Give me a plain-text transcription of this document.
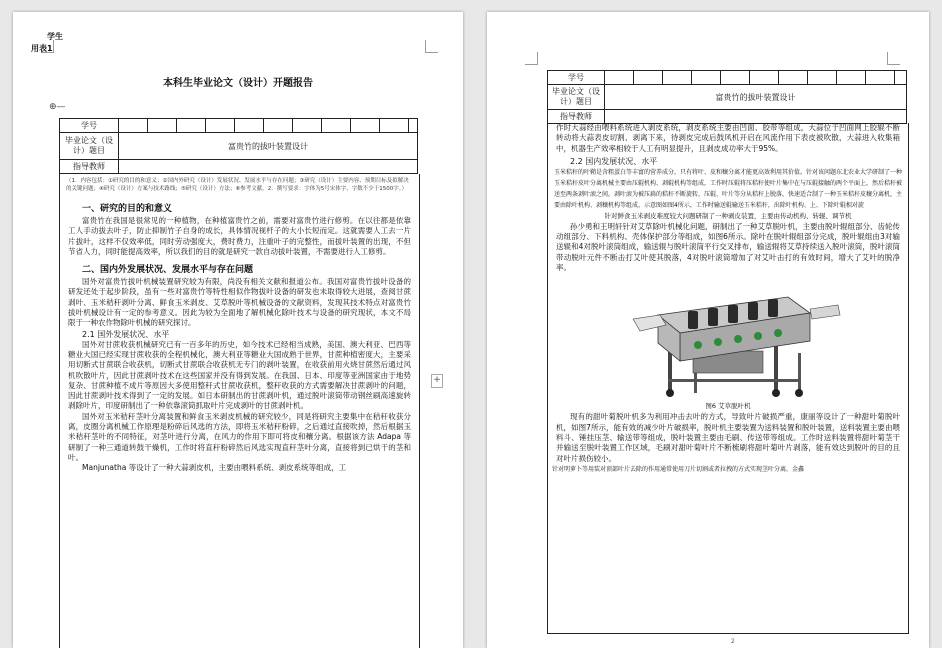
学生
用表1
本科生毕业论文（设计）开题报告
⊕—
学号											
毕业论文（设计）题目	富贵竹的拔叶装置设计										
指导教师											
（1．内容包括：①研究的目的和意义；②国内外研究（设计）发展状况、发展水平与存在问题；③研究（设计）主要内容、预期目标及拟解决的关键问题；④研究（设计）方案与技术路线；⑤研究（设计）方法；⑥参考文献。2．撰写要求：字体为5号宋体字，字数不少于1500字。）
一、研究的目的和意义

富贵竹在我国是很常见的一种植物，在种植富贵竹之前，需要对富贵竹进行修剪。在以往都是依靠工人手动拔去叶子，防止抑制竹子自身的成长，具体情况视杆子的大小长短而定。这就需要人工去一片片拔叶，这样不仅效率低，同时劳动强度大，费时费力，注重叶子的完整性，而拔叶装置的出现，不但节省人力，同时能提高效率，所以我们的目的就是研究一款自动拔叶装置，不需要进行人工修剪。

二、国内外发展状况、发展水平与存在问题

国外对富贵竹拔叶机械装置研究较为有限，尚没有相关文献和报道公布。我国对富贵竹拔叶设备的研发还处于起步阶段，虽有一些对富贵竹等特性相似作物拔叶设备的研发也未取得较大进展，查阅甘蔗剥叶、玉米秸秆剥叶分离、鲜食玉米剥皮、艾草脱叶等机械设备的文献资料，发现其技术特点对富贵竹拔叶机械设计有一定的参考意义。因此为较为全面地了解机械化除叶技术与设备的研究现状，本文不局限于一种农作物除叶机械的研究探讨。

2.1 国外发展状况、水平

国外对甘蔗收获机械研究已有一百多年的历史，如今技术已经相当成熟，美国、澳大利亚、巴西等糖业大国已经实现甘蔗收获的全程机械化，澳大利亚等糖业大国成熟于世界，甘蔗种植密度大，主要采用切断式甘蔗联合收获机，切断式甘蔗联合收获机无专门的剥叶装置，在收获前用火烧甘蔗然后通过风机吹散叶片，因此甘蔗剥叶技术在这些国家并没有得到发展。在我国、日本、印度等亚洲国家由于地势复杂、甘蔗种植不成片等原因大多使用整秆式甘蔗收获机，整秆收获的方式需要解决甘蔗剥叶的问题，因此甘蔗剥叶技术得到了一定的发展。如日本研制出的甘蔗剥叶机，通过脱叶滚筒带动钢丝刷高速旋转剥除叶片，印度研制出了一种依靠滚筒抓取叶片完成剥叶的甘蔗剥叶机。

国外对玉米秸秆茎叶分离装置和鲜食玉米剥皮机械的研究较少，同是将研究主要集中在秸秆收获分离，皮圈分离机械工作原理是粉碎后风选的方法，即将玉米秸秆粉碎，之后通过直接吹掉，然后根据玉米秸秆茎叶的不同特征，对茎叶进行分离，在风力的作用下即可将皮和穰分离。根据该方法 Adapa 等研制了一种三通道转鼓干燥机，工作时将直秆粉碎然后风选实现直秆茎叶分离，直接将到已烘干的茎和叶。

Manjunatha 等设计了一种大蒜剥皮机，主要由喂料系统、剥皮系统等组成，工

+
学号											
毕业论文（设计）题目	富贵竹的拔叶装置设计										
指导教师											

作时大蒜经由喂料系统进入剥皮系统，剥皮系统主要由凹面、胶带等组成，大蒜位于凹面网上胶辊不断转动将大蒜表皮切割、剥离下来，待剥皮完成后鼓风机开启在风流作用下表皮被吹散，大蒜进入收集箱中，机器生产效率相较于人工有明显提升，且剥皮成功率大于95%。

2.2 国内发展状况、水平

玉米秸秆的叶鞘是含粗蛋白等丰富的营养成分，只有将叶、皮和穰分离才能更高效利用其价值。针对该问题东北农业大学研制了一种玉米秸秆皮叶分离机械主要由压辊机构、剥辊机构等组成，工作时压辊将压秸秆使叶片集中在与压辊接触的两个平面上，然后秸秆被送至两条剥叶滚之间，剥叶滚为被压扁的秸秆不断旋转，压辊、叶片等分从秸秆上脱落，快速适合制了一种玉米秸秆皮穰分离机，主要由除叶机构、剥穰机构等组成，示意图如图4所示，工作时输送辊输送玉米秸秆，出除叶机构、上、下除叶辊相对旋

针对鲜食玉米剥皮难度较大问题研制了一种剥皮装置，主要由传动机构、转辊、调节机

孙少勇和王明轩针对艾草除叶机械化问题，研制出了一种艾草脱叶机，主要由脱叶辊组部分、齿轮传动组部分、下料机构、壳体保护部分等组成，如图6所示。除叶在脱叶辊组部分完成，脱叶辊组由3对输送辊和4对脱叶滚筒组成，输送辊与脱叶滚筒平行交叉排布，输送辊将艾草持续送入脱叶滚筒，脱叶滚筒带动脱叶元件不断击打艾叶使其脱落，4对脱叶滚筒增加了对艾叶击打的有效时间，增大了艾叶的脱净率。

图6 艾草脱叶机

现有的甜叶菊脱叶机多为利用冲击去叶的方式，导致叶片破损严重，康丽等设计了一种甜叶菊脱叶机，如图7所示，能有效的减少叶片破损率，脱叶机主要装置为送料装置和脱叶装置，送料装置主要由喂料斗、锤挂压茎、输送带等组成，脱叶装置主要由毛刷、传送带等组成。工作时送料装置将甜叶菊茎干并输送至脱叶装置工作区域，毛刷对甜叶菊叶片不断梳刷将甜叶菊叶片剥落，能有效达到脱叶的目的且对叶片损伤较小。

针对明萝卜等用装对顶部叶片去除的作用通常使用刀片切割或者拉拽的方式实现茎叶分离，金鑫

2
